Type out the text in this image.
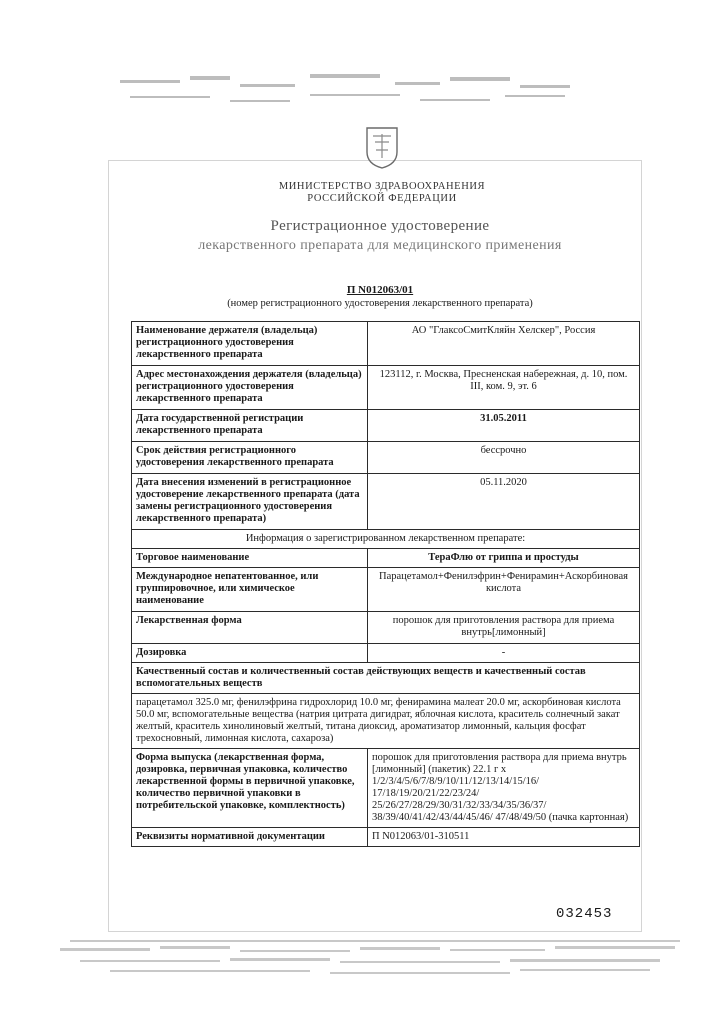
МИНИСТЕРСТВО ЗДРАВООХРАНЕНИЯ
РОССИЙСКОЙ ФЕДЕРАЦИИ
Регистрационное удостоверение
лекарственного препарата для медицинского применения
П N012063/01
(номер регистрационного удостоверения лекарственного препарата)
Наименование держателя (владельца) регистрационного удостоверения лекарственного препарата	АО "ГлаксоСмитКляйн Хелскер", Россия
Адрес местонахождения держателя (владельца) регистрационного удостоверения лекарственного препарата	123112, г. Москва, Пресненская набережная, д. 10, пом. III, ком. 9, эт. 6
Дата государственной регистрации лекарственного препарата	31.05.2011
Срок действия регистрационного удостоверения лекарственного препарата	бессрочно
Дата внесения изменений в регистрационное удостоверение лекарственного препарата (дата замены регистрационного удостоверения лекарственного препарата)	05.11.2020
Информация о зарегистрированном лекарственном препарате:	
Торговое наименование	ТераФлю от гриппа и простуды
Международное непатентованное, или группировочное, или химическое наименование	Парацетамол+Фенилэфрин+Фенирамин+Аскорбиновая кислота
Лекарственная форма	порошок для приготовления раствора для приема внутрь[лимонный]
Дозировка	-
Качественный состав и количественный состав действующих веществ и качественный состав вспомогательных веществ	
парацетамол 325.0 мг, фенилэфрина гидрохлорид 10.0 мг, фенирамина малеат 20.0 мг, аскорбиновая кислота 50.0 мг, вспомогательные вещества (натрия цитрата дигидрат, яблочная кислота, краситель солнечный закат желтый, краситель хинолиновый желтый, титана диоксид, ароматизатор лимонный, кальция фосфат трехосновный, лимонная кислота, сахароза)	
Форма выпуска (лекарственная форма, дозировка, первичная упаковка, количество лекарственной формы в первичной упаковке, количество первичной упаковки в потребительской упаковке, комплектность)	порошок для приготовления раствора для приема внутрь [лимонный] (пакетик) 22.1 г x 1/2/3/4/5/6/7/8/9/10/11/12/13/14/15/16/ 17/18/19/20/21/22/23/24/ 25/26/27/28/29/30/31/32/33/34/35/36/37/ 38/39/40/41/42/43/44/45/46/ 47/48/49/50 (пачка картонная)
Реквизиты нормативной документации	П N012063/01-310511
032453
